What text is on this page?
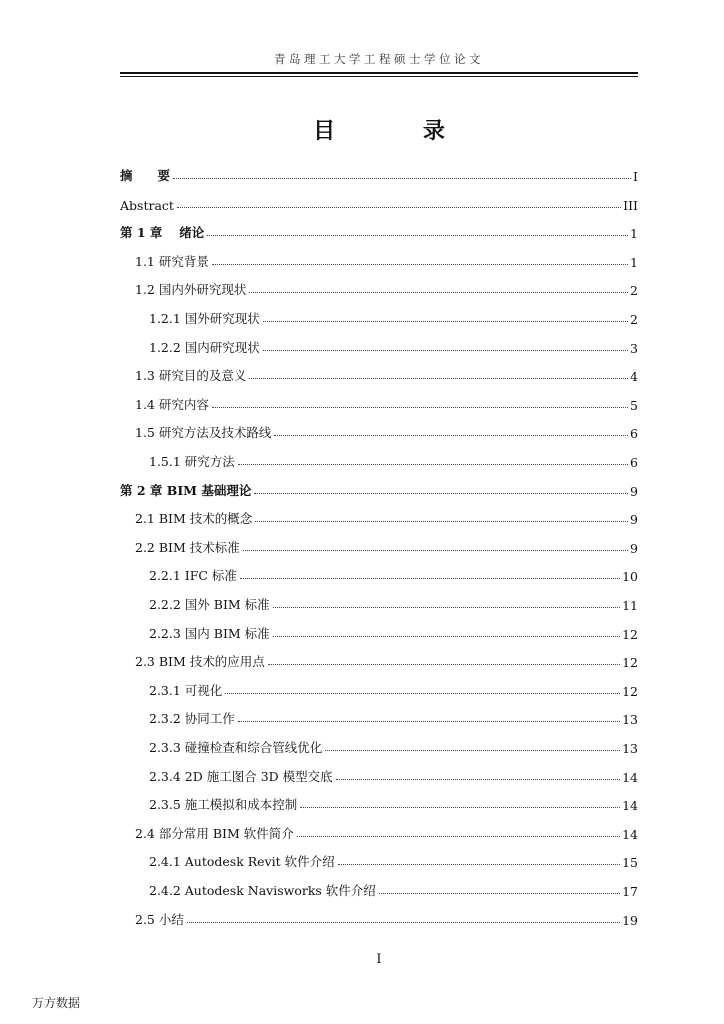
青岛理工大学工程硕士学位论文
目 录
摘　　要	I
Abstract	III
第 1 章　 绪论	1
1.1 研究背景	1
1.2 国内外研究现状	2
1.2.1 国外研究现状	2
1.2.2 国内研究现状	3
1.3 研究目的及意义	4
1.4 研究内容	5
1.5 研究方法及技术路线	6
1.5.1 研究方法	6
第 2 章 BIM 基础理论	9
2.1 BIM 技术的概念	9
2.2 BIM 技术标准	9
2.2.1 IFC 标准	10
2.2.2 国外 BIM 标准	11
2.2.3 国内 BIM 标准	12
2.3 BIM 技术的应用点	12
2.3.1 可视化	12
2.3.2 协同工作	13
2.3.3 碰撞检查和综合管线优化	13
2.3.4 2D 施工图合 3D 模型交底	14
2.3.5 施工模拟和成本控制	14
2.4 部分常用 BIM 软件简介	14
2.4.1 Autodesk Revit 软件介绍	15
2.4.2 Autodesk Navisworks 软件介绍	17
2.5 小结	19
I
万方数据
